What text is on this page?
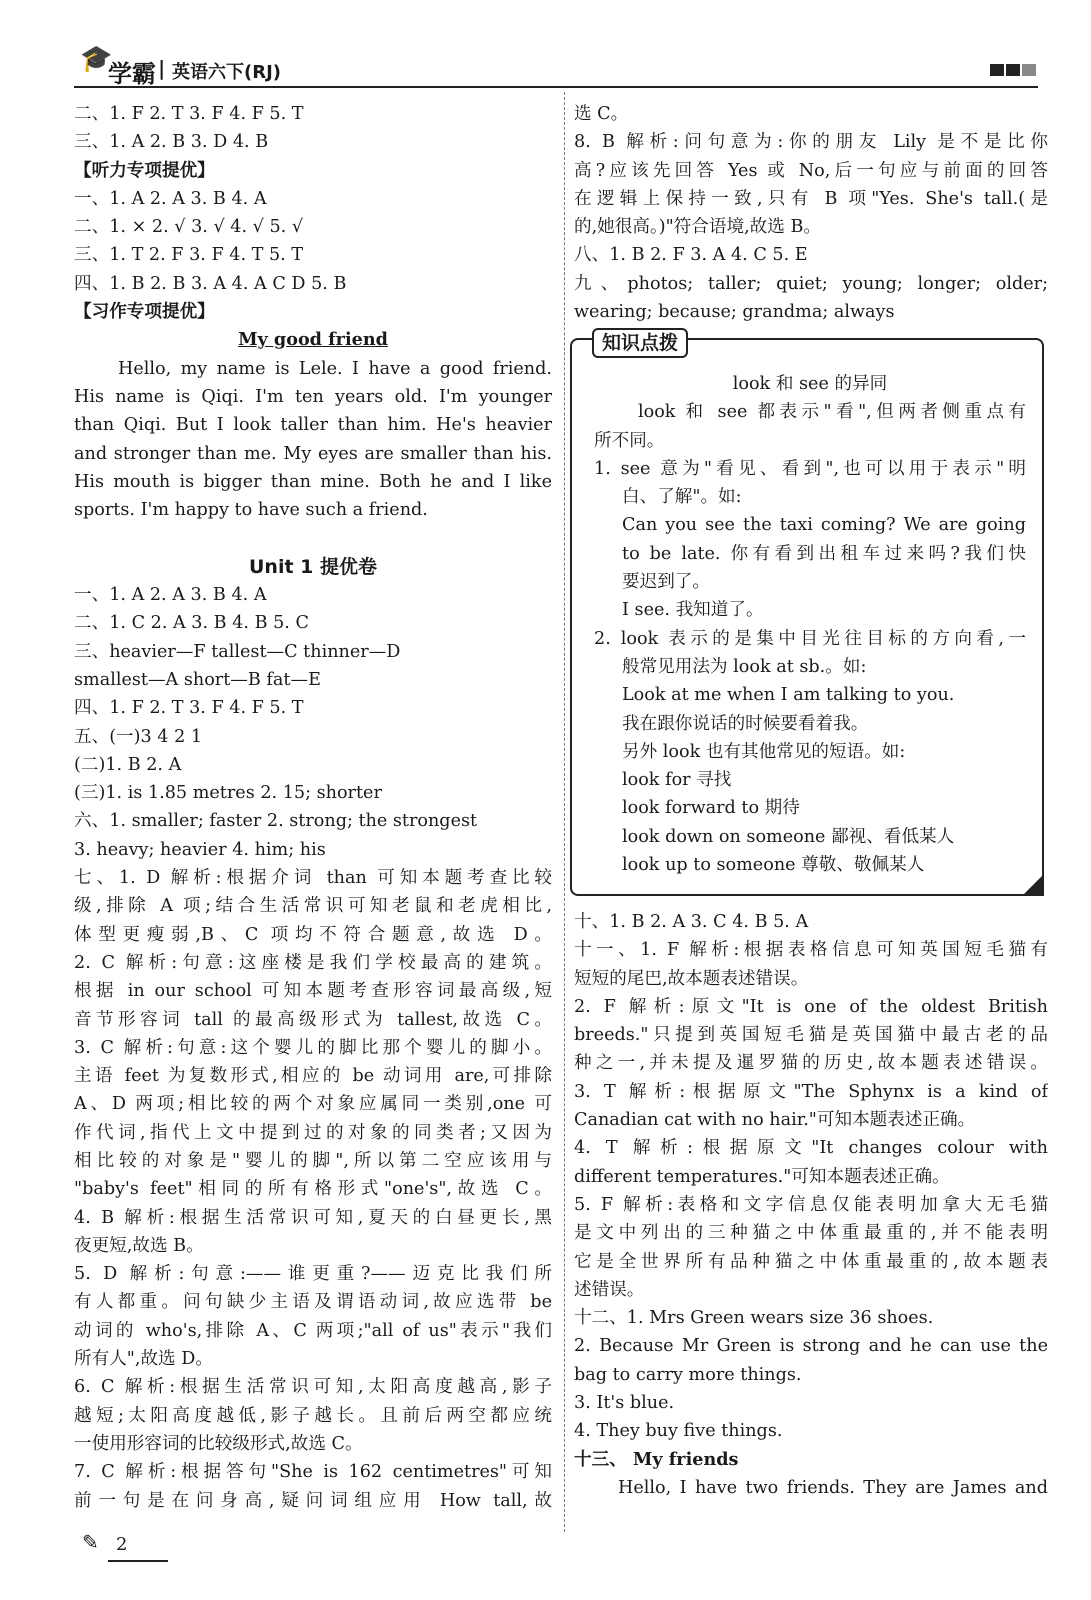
🎓
学霸 | 英语六下(RJ)
二、1. F 2. T 3. F 4. F 5. T
三、1. A 2. B 3. D 4. B
【听力专项提优】
一、1. A 2. A 3. B 4. A
二、1. × 2. √ 3. √ 4. √ 5. √
三、1. T 2. F 3. F 4. T 5. T
四、1. B 2. B 3. A 4. A C D 5. B
【习作专项提优】
My good friend
Hello, my name is Lele. I have a good friend.
His name is Qiqi. I'm ten years old. I'm younger
than Qiqi. But I look taller than him. He's heavier
and stronger than me. My eyes are smaller than his.
His mouth is bigger than mine. Both he and I like
sports. I'm happy to have such a friend.
Unit 1 提优卷
一、1. A 2. A 3. B 4. A
二、1. C 2. A 3. B 4. B 5. C
三、heavier—F tallest—C thinner—D
smallest—A short—B fat—E
四、1. F 2. T 3. F 4. F 5. T
五、(一)3 4 2 1
(二)1. B 2. A
(三)1. is 1.85 metres 2. 15; shorter
六、1. smaller; faster 2. strong; the strongest
3. heavy; heavier 4. him; his
七、1. D 解析:根据介词 than 可知本题考查比较
级,排除 A 项;结合生活常识可知老鼠和老虎相比,
体型更瘦弱,B、C 项均不符合题意,故选 D。
2. C 解析:句意:这座楼是我们学校最高的建筑。
根据 in our school 可知本题考查形容词最高级,短
音节形容词 tall 的最高级形式为 tallest,故选 C。
3. C 解析:句意:这个婴儿的脚比那个婴儿的脚小。
主语 feet 为复数形式,相应的 be 动词用 are,可排除
A、D 两项;相比较的两个对象应属同一类别,one 可
作代词,指代上文中提到过的对象的同类者;又因为
相比较的对象是"婴儿的脚",所以第二空应该用与
"baby's feet"相同的所有格形式"one's",故选 C。
4. B 解析:根据生活常识可知,夏天的白昼更长,黑
夜更短,故选 B。
5. D 解析:句意:——谁更重?——迈克比我们所
有人都重。问句缺少主语及谓语动词,故应选带 be
动词的 who's,排除 A、C 两项;"all of us"表示"我们
所有人",故选 D。
6. C 解析:根据生活常识可知,太阳高度越高,影子
越短;太阳高度越低,影子越长。且前后两空都应统
一使用形容词的比较级形式,故选 C。
7. C 解析:根据答句"She is 162 centimetres"可知
前一句是在问身高,疑问词组应用 How tall,故
选 C。
8. B 解析:问句意为:你的朋友 Lily 是不是比你
高?应该先回答 Yes 或 No,后一句应与前面的回答
在逻辑上保持一致,只有 B 项"Yes. She's tall.(是
的,她很高。)"符合语境,故选 B。
八、1. B 2. F 3. A 4. C 5. E
九、photos; taller; quiet; young; longer; older;
wearing; because; grandma; always
知识点拨
look 和 see 的异同
look 和 see 都表示"看",但两者侧重点有
所不同。
1. see 意为"看见、看到",也可以用于表示"明
白、了解"。如:
Can you see the taxi coming? We are going
to be late. 你有看到出租车过来吗?我们快
要迟到了。
I see. 我知道了。
2. look 表示的是集中目光往目标的方向看,一
般常见用法为 look at sb.。如:
Look at me when I am talking to you.
我在跟你说话的时候要看着我。
另外 look 也有其他常见的短语。如:
look for 寻找
look forward to 期待
look down on someone 鄙视、看低某人
look up to someone 尊敬、敬佩某人
十、1. B 2. A 3. C 4. B 5. A
十一、1. F 解析:根据表格信息可知英国短毛猫有
短短的尾巴,故本题表述错误。
2. F 解析:原文"It is one of the oldest British
breeds."只提到英国短毛猫是英国猫中最古老的品
种之一,并未提及暹罗猫的历史,故本题表述错误。
3. T 解析:根据原文"The Sphynx is a kind of
Canadian cat with no hair."可知本题表述正确。
4. T 解析:根据原文"It changes colour with
different temperatures."可知本题表述正确。
5. F 解析:表格和文字信息仅能表明加拿大无毛猫
是文中列出的三种猫之中体重最重的,并不能表明
它是全世界所有品种猫之中体重最重的,故本题表
述错误。
十二、1. Mrs Green wears size 36 shoes.
2. Because Mr Green is strong and he can use the
bag to carry more things.
3. It's blue.
4. They buy five things.
十三、 My friends
Hello, I have two friends. They are James and
✎ 2
